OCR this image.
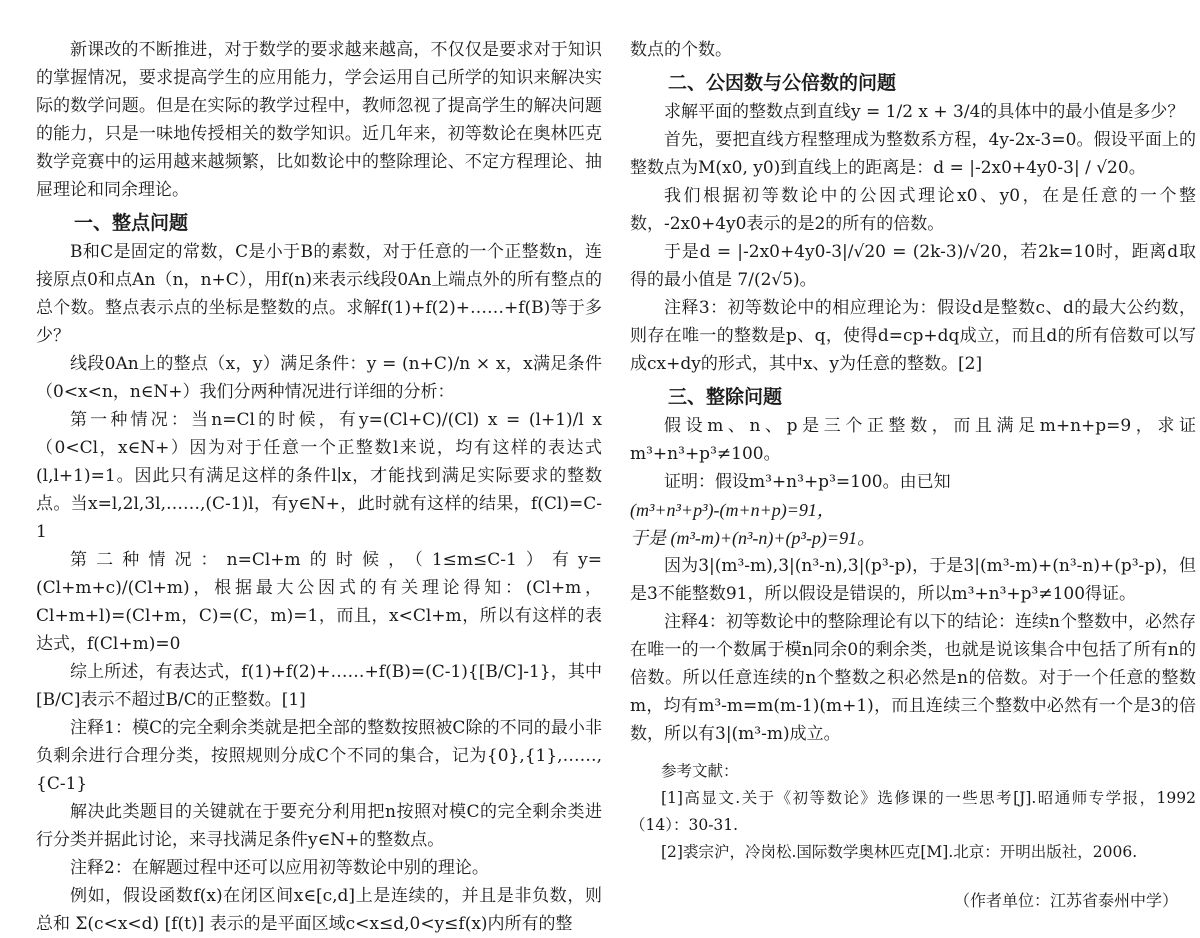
新课改的不断推进，对于数学的要求越来越高，不仅仅是要求对于知识的掌握情况，要求提高学生的应用能力，学会运用自己所学的知识来解决实际的数学问题。但是在实际的教学过程中，教师忽视了提高学生的解决问题的能力，只是一味地传授相关的数学知识。近几年来，初等数论在奥林匹克数学竞赛中的运用越来越频繁，比如数论中的整除理论、不定方程理论、抽屉理论和同余理论。

一、整点问题

B和C是固定的常数，C是小于B的素数，对于任意的一个正整数n，连接原点0和点An（n，n+C），用f(n)来表示线段0An上端点外的所有整点的总个数。整点表示点的坐标是整数的点。求解f(1)+f(2)+……+f(B)等于多少？

线段0An上的整点（x，y）满足条件：y = (n+C)/n × x，x满足条件（0<x<n，n∈N+）我们分两种情况进行详细的分析：

第一种情况：当n=Cl的时候，有y=(Cl+C)/(Cl) x = (l+1)/l x（0<Cl，x∈N+）因为对于任意一个正整数l来说，均有这样的表达式(l,l+1)=1。因此只有满足这样的条件l∣x，才能找到满足实际要求的整数点。当x=l,2l,3l,……,(C-1)l，有y∈N+，此时就有这样的结果，f(Cl)=C-1

第二种情况：n=Cl+m的时候，（1≤m≤C-1）有y=(Cl+m+c)/(Cl+m)，根据最大公因式的有关理论得知：(Cl+m，Cl+m+l)=(Cl+m，C)=(C，m)=1，而且，x<Cl+m，所以有这样的表达式，f(Cl+m)=0

综上所述，有表达式，f(1)+f(2)+……+f(B)=(C-1){[B/C]-1}，其中[B/C]表示不超过B/C的正整数。[1]

注释1：模C的完全剩余类就是把全部的整数按照被C除的不同的最小非负剩余进行合理分类，按照规则分成C个不同的集合，记为{0},{1},……,{C-1}

解决此类题目的关键就在于要充分利用把n按照对模C的完全剩余类进行分类并据此讨论，来寻找满足条件y∈N+的整数点。

注释2：在解题过程中还可以应用初等数论中别的理论。

例如，假设函数f(x)在闭区间x∈[c,d]上是连续的，并且是非负数，则总和 Σ(c<x<d) [f(t)] 表示的是平面区域c<x≤d,0<y≤f(x)内所有的整

数点的个数。

二、公因数与公倍数的问题

求解平面的整数点到直线y = 1/2 x + 3/4的具体中的最小值是多少？

首先，要把直线方程整理成为整数系方程，4y-2x-3=0。假设平面上的整数点为M(x0, y0)到直线上的距离是：d = |-2x0+4y0-3| / √20。

我们根据初等数论中的公因式理论x0、y0，在是任意的一个整数，-2x0+4y0表示的是2的所有的倍数。

于是d = |-2x0+4y0-3|/√20 = (2k-3)/√20，若2k=10时，距离d取得的最小值是 7/(2√5)。

注释3：初等数论中的相应理论为：假设d是整数c、d的最大公约数，则存在唯一的整数是p、q，使得d=cp+dq成立，而且d的所有倍数可以写成cx+dy的形式，其中x、y为任意的整数。[2]

三、整除问题

假设m、n、p是三个正整数，而且满足m+n+p=9，求证m³+n³+p³≠100。

证明：假设m³+n³+p³=100。由已知

(m³+n³+p³)-(m+n+p)=91，

于是 (m³-m)+(n³-n)+(p³-p)=91。

因为3|(m³-m),3|(n³-n),3|(p³-p)，于是3|(m³-m)+(n³-n)+(p³-p)，但是3不能整数91，所以假设是错误的，所以m³+n³+p³≠100得证。

注释4：初等数论中的整除理论有以下的结论：连续n个整数中，必然存在唯一的一个数属于模n同余0的剩余类，也就是说该集合中包括了所有n的倍数。所以任意连续的n个整数之积必然是n的倍数。对于一个任意的整数m，均有m³-m=m(m-1)(m+1)，而且连续三个整数中必然有一个是3的倍数，所以有3|(m³-m)成立。

参考文献：

[1]高显文.关于《初等数论》选修课的一些思考[J].昭通师专学报，1992（14）：30-31.

[2]裘宗沪，冷岗松.国际数学奥林匹克[M].北京：开明出版社，2006.

（作者单位：江苏省泰州中学）
